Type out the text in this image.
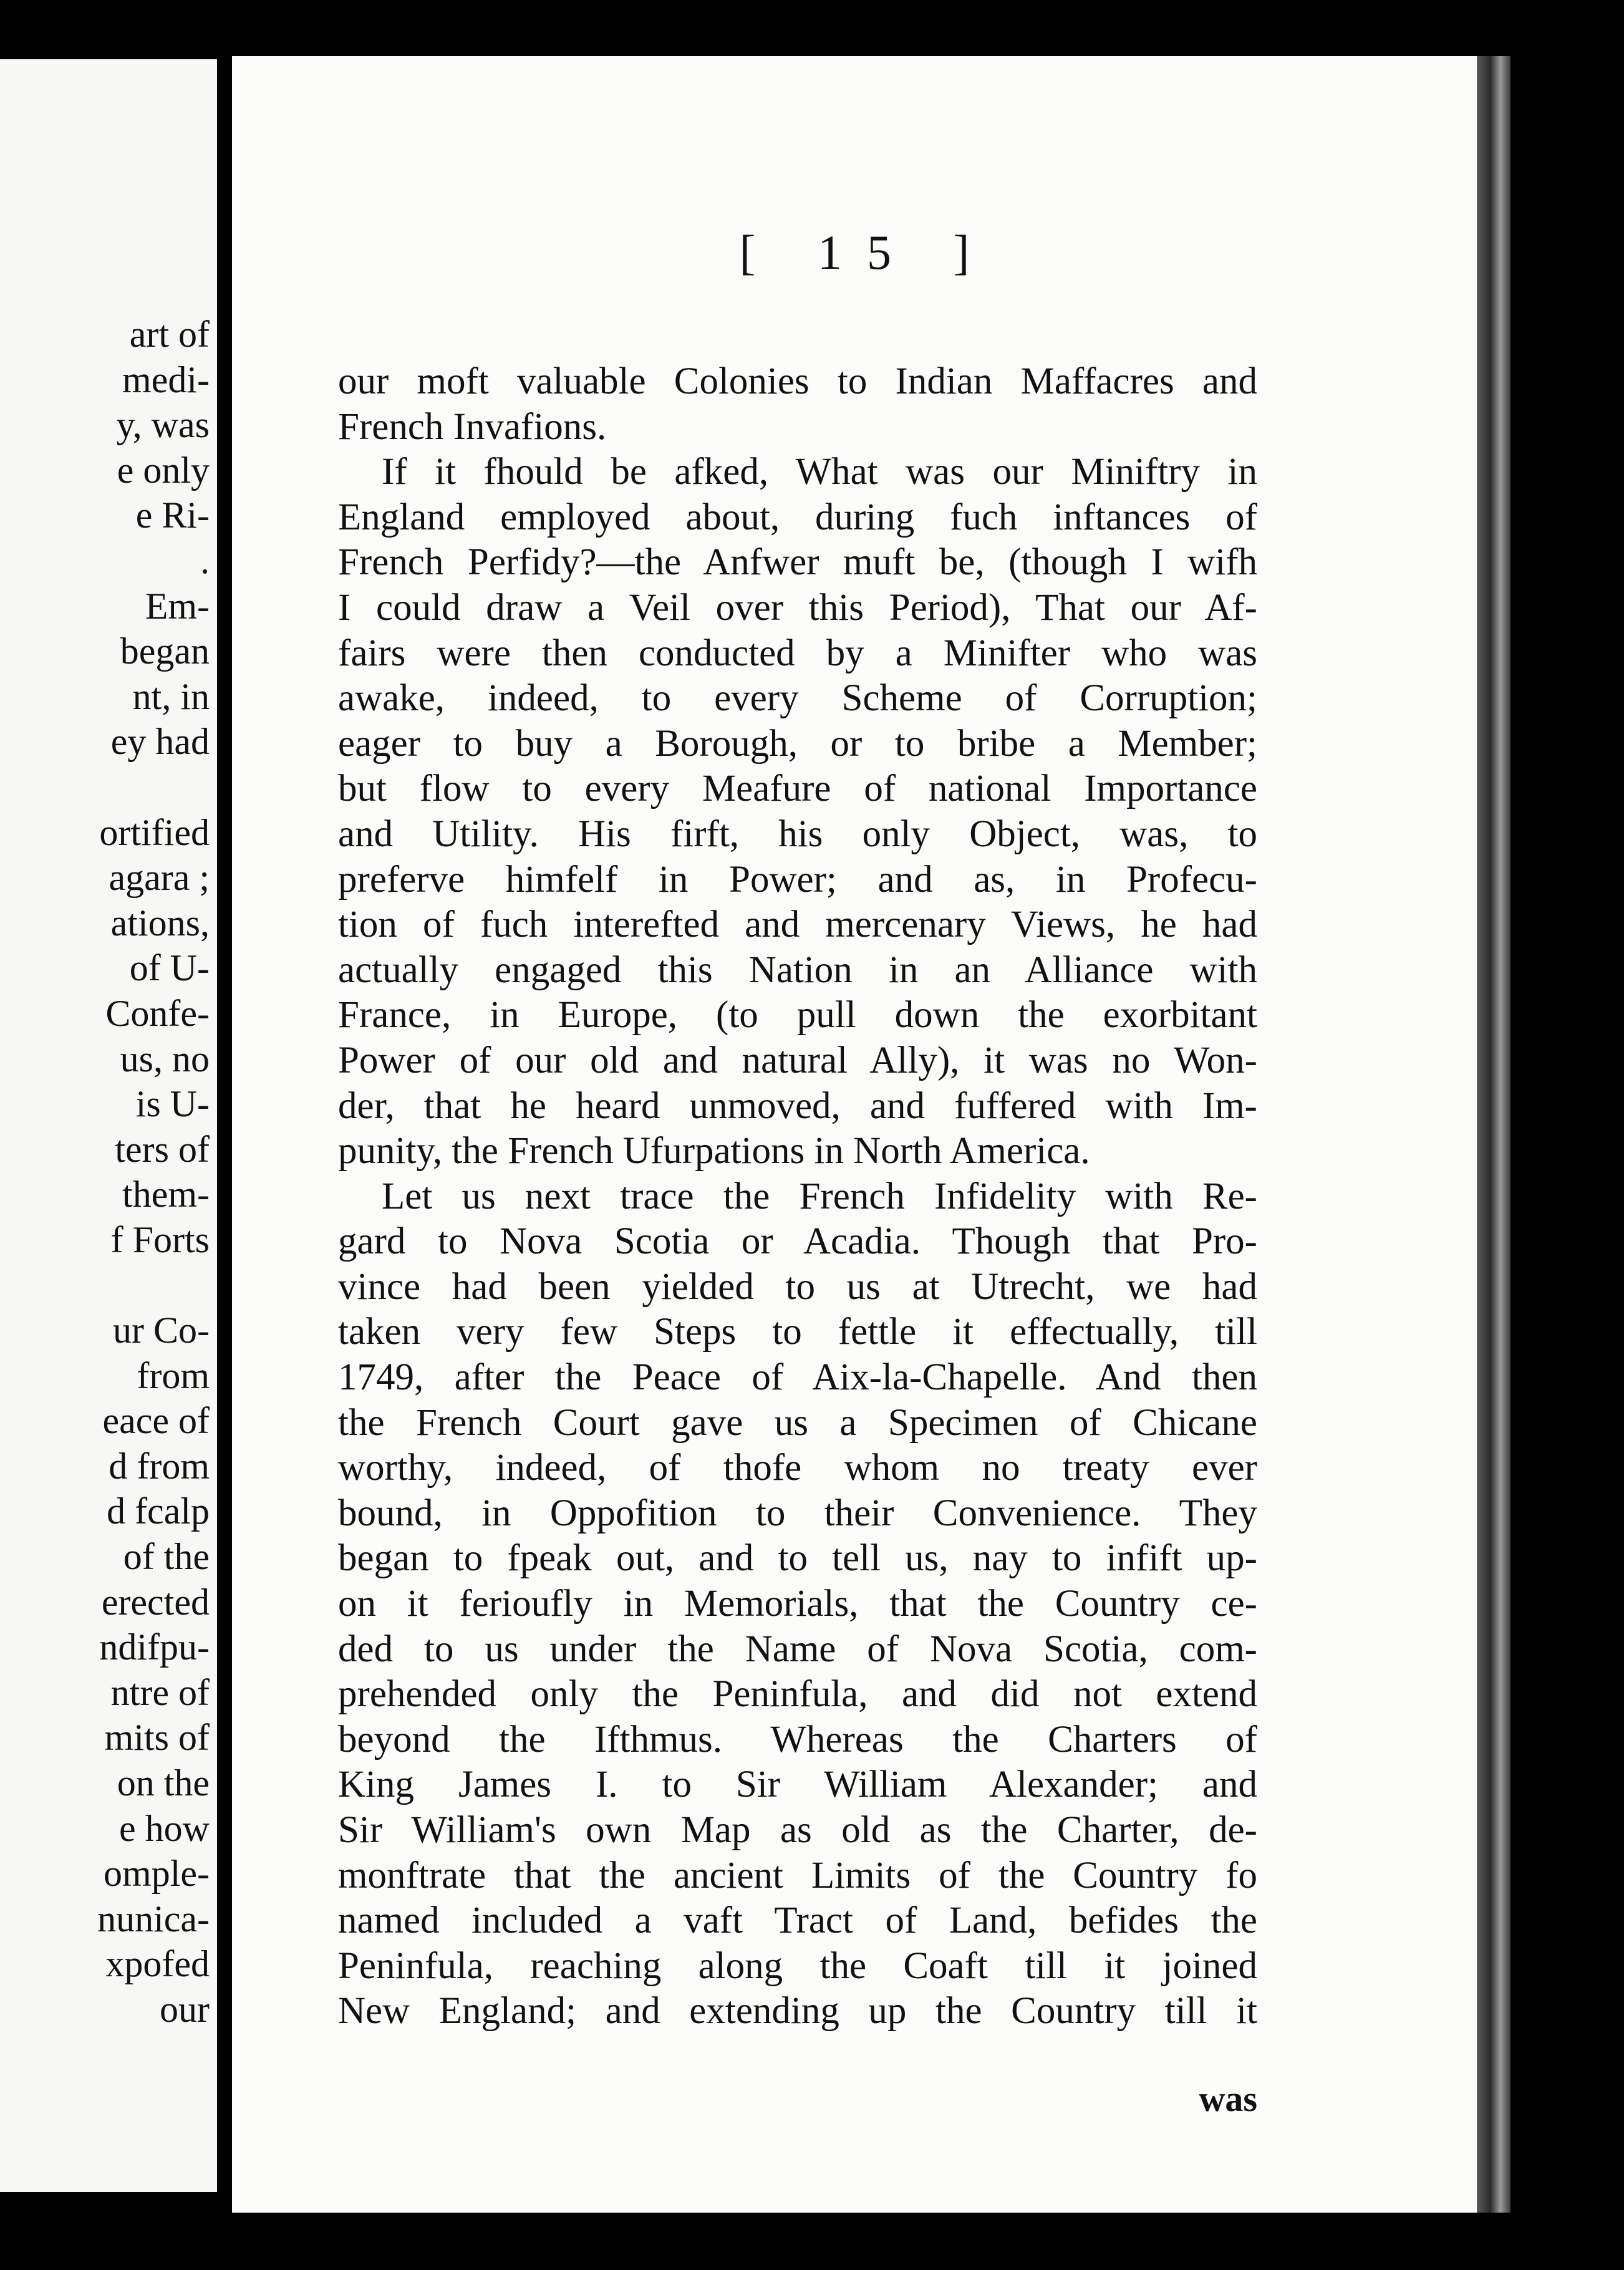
art of
medi-
y, was
e only
e Ri-
.
Em-
began
nt, in
ey had

ortified
agara ;
ations,
of U-
Confe-
us, no
is U-
ters of
them-
f Forts

ur Co-
from
eace of
d from
d fcalp
of the
erected
ndifpu-
ntre of
mits of
on the
e how
omple-
nunica-
xpofed
our
[ 15 ]
our moft valuable Colonies to Indian Maffacres and
French Invafions.
If it fhould be afked, What was our Miniftry in
England employed about, during fuch inftances of
French Perfidy?—the Anfwer muft be, (though I wifh
I could draw a Veil over this Period), That our Af-
fairs were then conducted by a Minifter who was
awake, indeed, to every Scheme of Corruption;
eager to buy a Borough, or to bribe a Member;
but flow to every Meafure of national Importance
and Utility. His firft, his only Object, was, to
preferve himfelf in Power; and as, in Profecu-
tion of fuch interefted and mercenary Views, he had
actually engaged this Nation in an Alliance with
France, in Europe, (to pull down the exorbitant
Power of our old and natural Ally), it was no Won-
der, that he heard unmoved, and fuffered with Im-
punity, the French Ufurpations in North America.
Let us next trace the French Infidelity with Re-
gard to Nova Scotia or Acadia. Though that Pro-
vince had been yielded to us at Utrecht, we had
taken very few Steps to fettle it effectually, till
1749, after the Peace of Aix-la-Chapelle. And then
the French Court gave us a Specimen of Chicane
worthy, indeed, of thofe whom no treaty ever
bound, in Oppofition to their Convenience. They
began to fpeak out, and to tell us, nay to infift up-
on it ferioufly in Memorials, that the Country ce-
ded to us under the Name of Nova Scotia, com-
prehended only the Peninfula, and did not extend
beyond the Ifthmus. Whereas the Charters of
King James I. to Sir William Alexander; and
Sir William's own Map as old as the Charter, de-
monftrate that the ancient Limits of the Country fo
named included a vaft Tract of Land, befides the
Peninfula, reaching along the Coaft till it joined
New England; and extending up the Country till it
was
